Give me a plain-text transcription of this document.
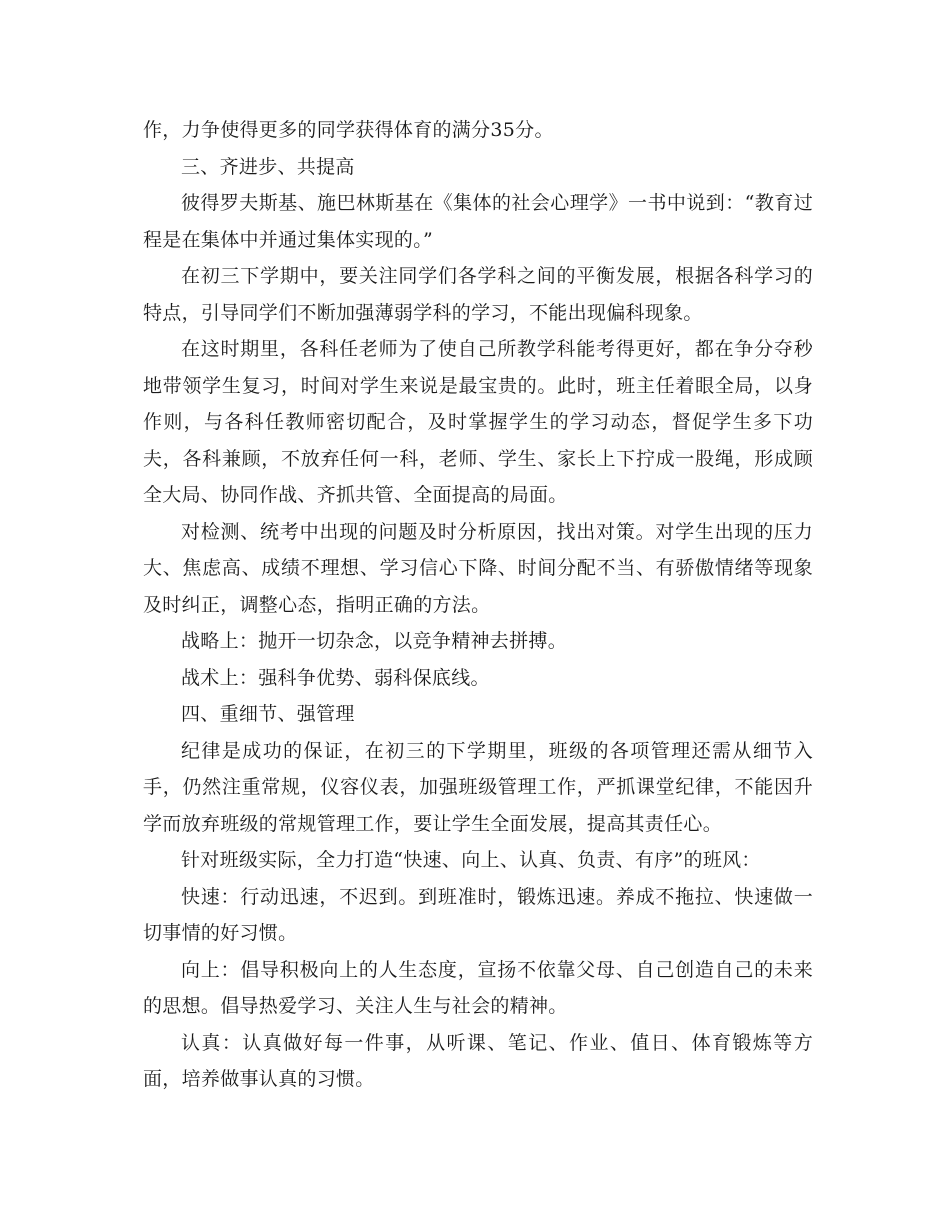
作，力争使得更多的同学获得体育的满分35分。

三、齐进步、共提高

彼得罗夫斯基、施巴林斯基在《集体的社会心理学》一书中说到：“教育过程是在集体中并通过集体实现的。”

在初三下学期中，要关注同学们各学科之间的平衡发展，根据各科学习的特点，引导同学们不断加强薄弱学科的学习，不能出现偏科现象。

在这时期里，各科任老师为了使自己所教学科能考得更好，都在争分夺秒地带领学生复习，时间对学生来说是最宝贵的。此时，班主任着眼全局，以身作则，与各科任教师密切配合，及时掌握学生的学习动态，督促学生多下功夫，各科兼顾，不放弃任何一科，老师、学生、家长上下拧成一股绳，形成顾全大局、协同作战、齐抓共管、全面提高的局面。

对检测、统考中出现的问题及时分析原因，找出对策。对学生出现的压力大、焦虑高、成绩不理想、学习信心下降、时间分配不当、有骄傲情绪等现象及时纠正，调整心态，指明正确的方法。

战略上：抛开一切杂念，以竞争精神去拼搏。

战术上：强科争优势、弱科保底线。

四、重细节、强管理

纪律是成功的保证，在初三的下学期里，班级的各项管理还需从细节入手，仍然注重常规，仪容仪表，加强班级管理工作，严抓课堂纪律，不能因升学而放弃班级的常规管理工作，要让学生全面发展，提高其责任心。

针对班级实际，全力打造“快速、向上、认真、负责、有序”的班风：

快速：行动迅速，不迟到。到班准时，锻炼迅速。养成不拖拉、快速做一切事情的好习惯。

向上：倡导积极向上的人生态度，宣扬不依靠父母、自己创造自己的未来的思想。倡导热爱学习、关注人生与社会的精神。

认真：认真做好每一件事，从听课、笔记、作业、值日、体育锻炼等方面，培养做事认真的习惯。
